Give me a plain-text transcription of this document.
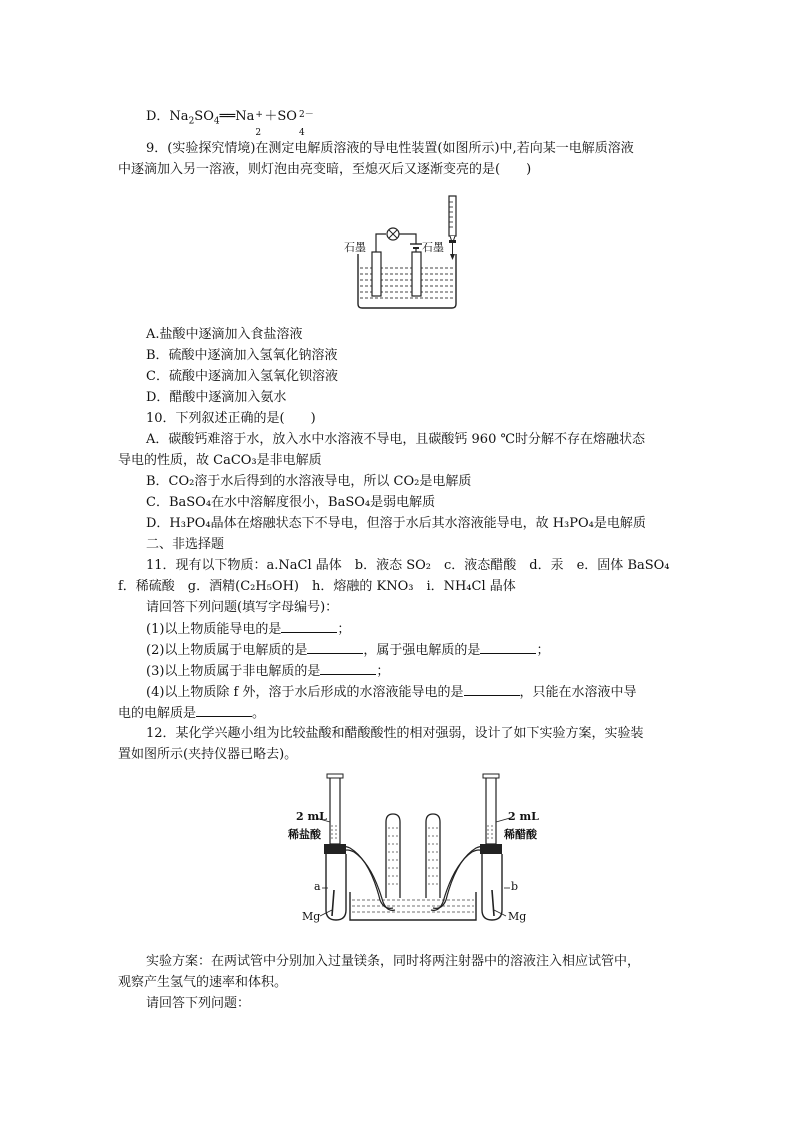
D．$Na_2SO_4══Na$ +
2
＋SO 2－
4
9．(实验探究情境)在测定电解质溶液的导电性装置(如图所示)中,若向某一电解质溶液
中逐滴加入另一溶液，则灯泡由亮变暗，至熄灭后又逐渐变亮的是(　　)
石墨	石墨
A.盐酸中逐滴加入食盐溶液
B．硫酸中逐滴加入氢氧化钠溶液
C．硫酸中逐滴加入氢氧化钡溶液
D．醋酸中逐滴加入氨水
10．下列叙述正确的是(　　)
A．碳酸钙难溶于水，放入水中水溶液不导电，且碳酸钙 960 ℃时分解不存在熔融状态
导电的性质，故 CaCO₃是非电解质
B．CO₂溶于水后得到的水溶液导电，所以 CO₂是电解质
C．BaSO₄在水中溶解度很小，BaSO₄是弱电解质
D．H₃PO₄晶体在熔融状态下不导电，但溶于水后其水溶液能导电，故 H₃PO₄是电解质
二、非选择题
11．现有以下物质：a.NaCl 晶体　b．液态 SO₂　c．液态醋酸　d．汞　e．固体 BaSO₄
f．稀硫酸　g．酒精(C₂H₅OH)　h．熔融的 KNO₃　i．NH₄Cl 晶体
请回答下列问题(填写字母编号)：
(1)以上物质能导电的是	；
(2)以上物质属于电解质的是	，属于强电解质的是	；
(3)以上物质属于非电解质的是	；
(4)以上物质除 f 外，溶于水后形成的水溶液能导电的是	，只能在水溶液中导
电的电解质是	。
12．某化学兴趣小组为比较盐酸和醋酸酸性的相对强弱，设计了如下实验方案，实验装
置如图所示(夹持仪器已略去)。
2 mL
稀盐酸
2 mL
稀醋酸
a	b
Mg	Mg
实验方案：在两试管中分别加入过量镁条，同时将两注射器中的溶液注入相应试管中，
观察产生氢气的速率和体积。
请回答下列问题：
